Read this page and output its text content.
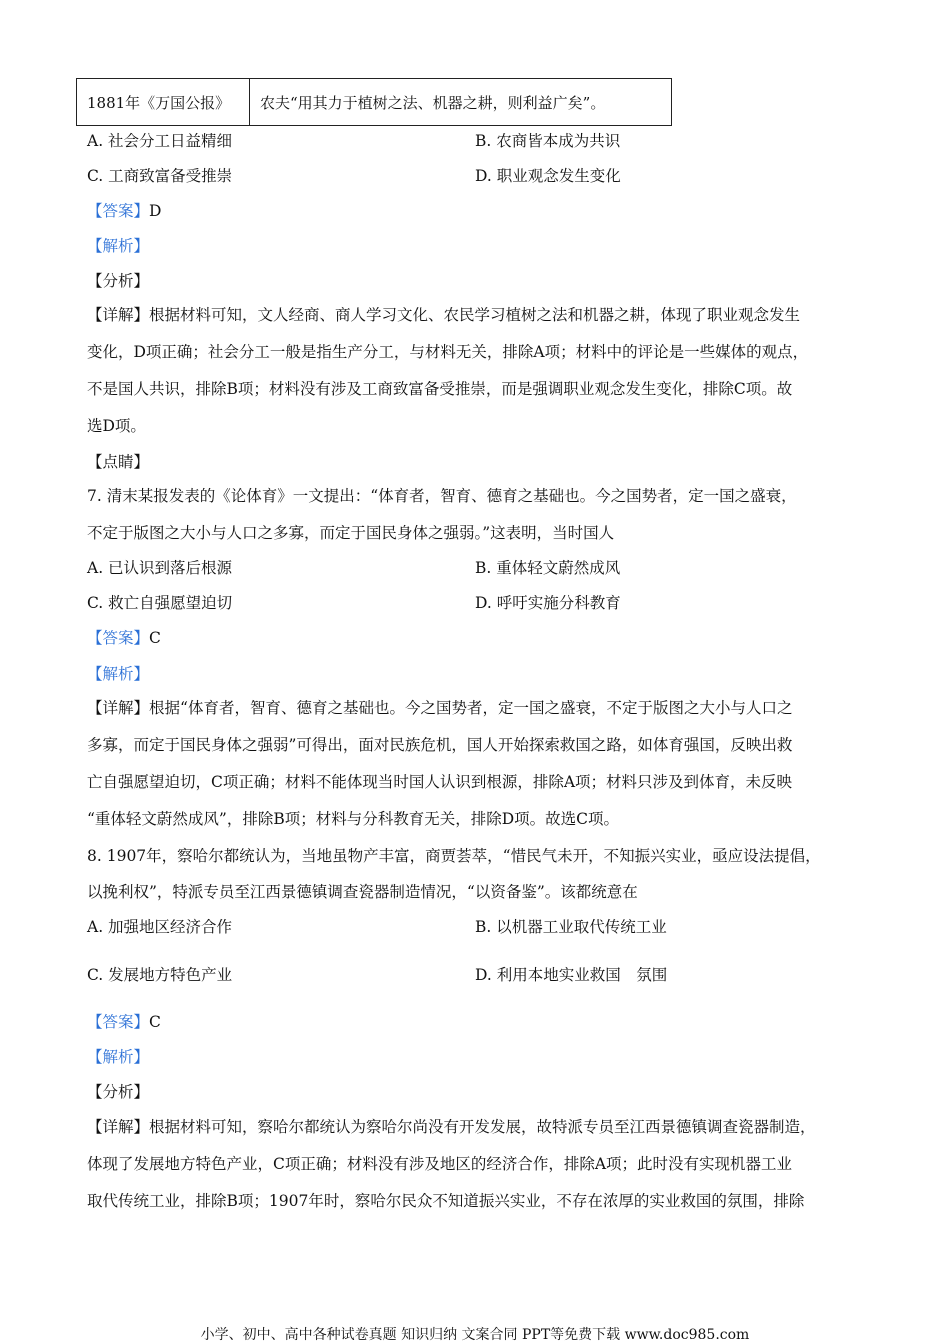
1881年《万国公报》	农夫“用其力于植树之法、机器之耕，则利益广矣”。
A. 社会分工日益精细	B. 农商皆本成为共识
C. 工商致富备受推崇	D. 职业观念发生变化
【答案】D
【解析】
【分析】
【详解】根据材料可知，文人经商、商人学习文化、农民学习植树之法和机器之耕，体现了职业观念发生
变化，D项正确；社会分工一般是指生产分工，与材料无关，排除A项；材料中的评论是一些媒体的观点，
不是国人共识，排除B项；材料没有涉及工商致富备受推崇，而是强调职业观念发生变化，排除C项。故
选D项。
【点睛】
7. 清末某报发表的《论体育》一文提出：“体育者，智育、德育之基础也。今之国势者，定一国之盛衰，
不定于版图之大小与人口之多寡，而定于国民身体之强弱。”这表明，当时国人
A. 已认识到落后根源	B. 重体轻文蔚然成风
C. 救亡自强愿望迫切	D. 呼吁实施分科教育
【答案】C
【解析】
【详解】根据“体育者，智育、德育之基础也。今之国势者，定一国之盛衰，不定于版图之大小与人口之
多寡，而定于国民身体之强弱”可得出，面对民族危机，国人开始探索救国之路，如体育强国，反映出救
亡自强愿望迫切，C项正确；材料不能体现当时国人认识到根源，排除A项；材料只涉及到体育，未反映
“重体轻文蔚然成风”，排除B项；材料与分科教育无关，排除D项。故选C项。
8. 1907年，察哈尔都统认为，当地虽物产丰富，商贾荟萃，“惜民气未开，不知振兴实业，亟应设法提倡，
以挽利权”，特派专员至江西景德镇调查瓷器制造情况，“以资备鉴”。该都统意在
A. 加强地区经济合作	B. 以机器工业取代传统工业
C. 发展地方特色产业	D. 利用本地实业救国　氛围
【答案】C
【解析】
【分析】
【详解】根据材料可知，察哈尔都统认为察哈尔尚没有开发发展，故特派专员至江西景德镇调查瓷器制造，
体现了发展地方特色产业，C项正确；材料没有涉及地区的经济合作，排除A项；此时没有实现机器工业
取代传统工业，排除B项；1907年时，察哈尔民众不知道振兴实业，不存在浓厚的实业救国的氛围，排除
小学、初中、高中各种试卷真题 知识归纳 文案合同 PPT等免费下载 www.doc985.com
